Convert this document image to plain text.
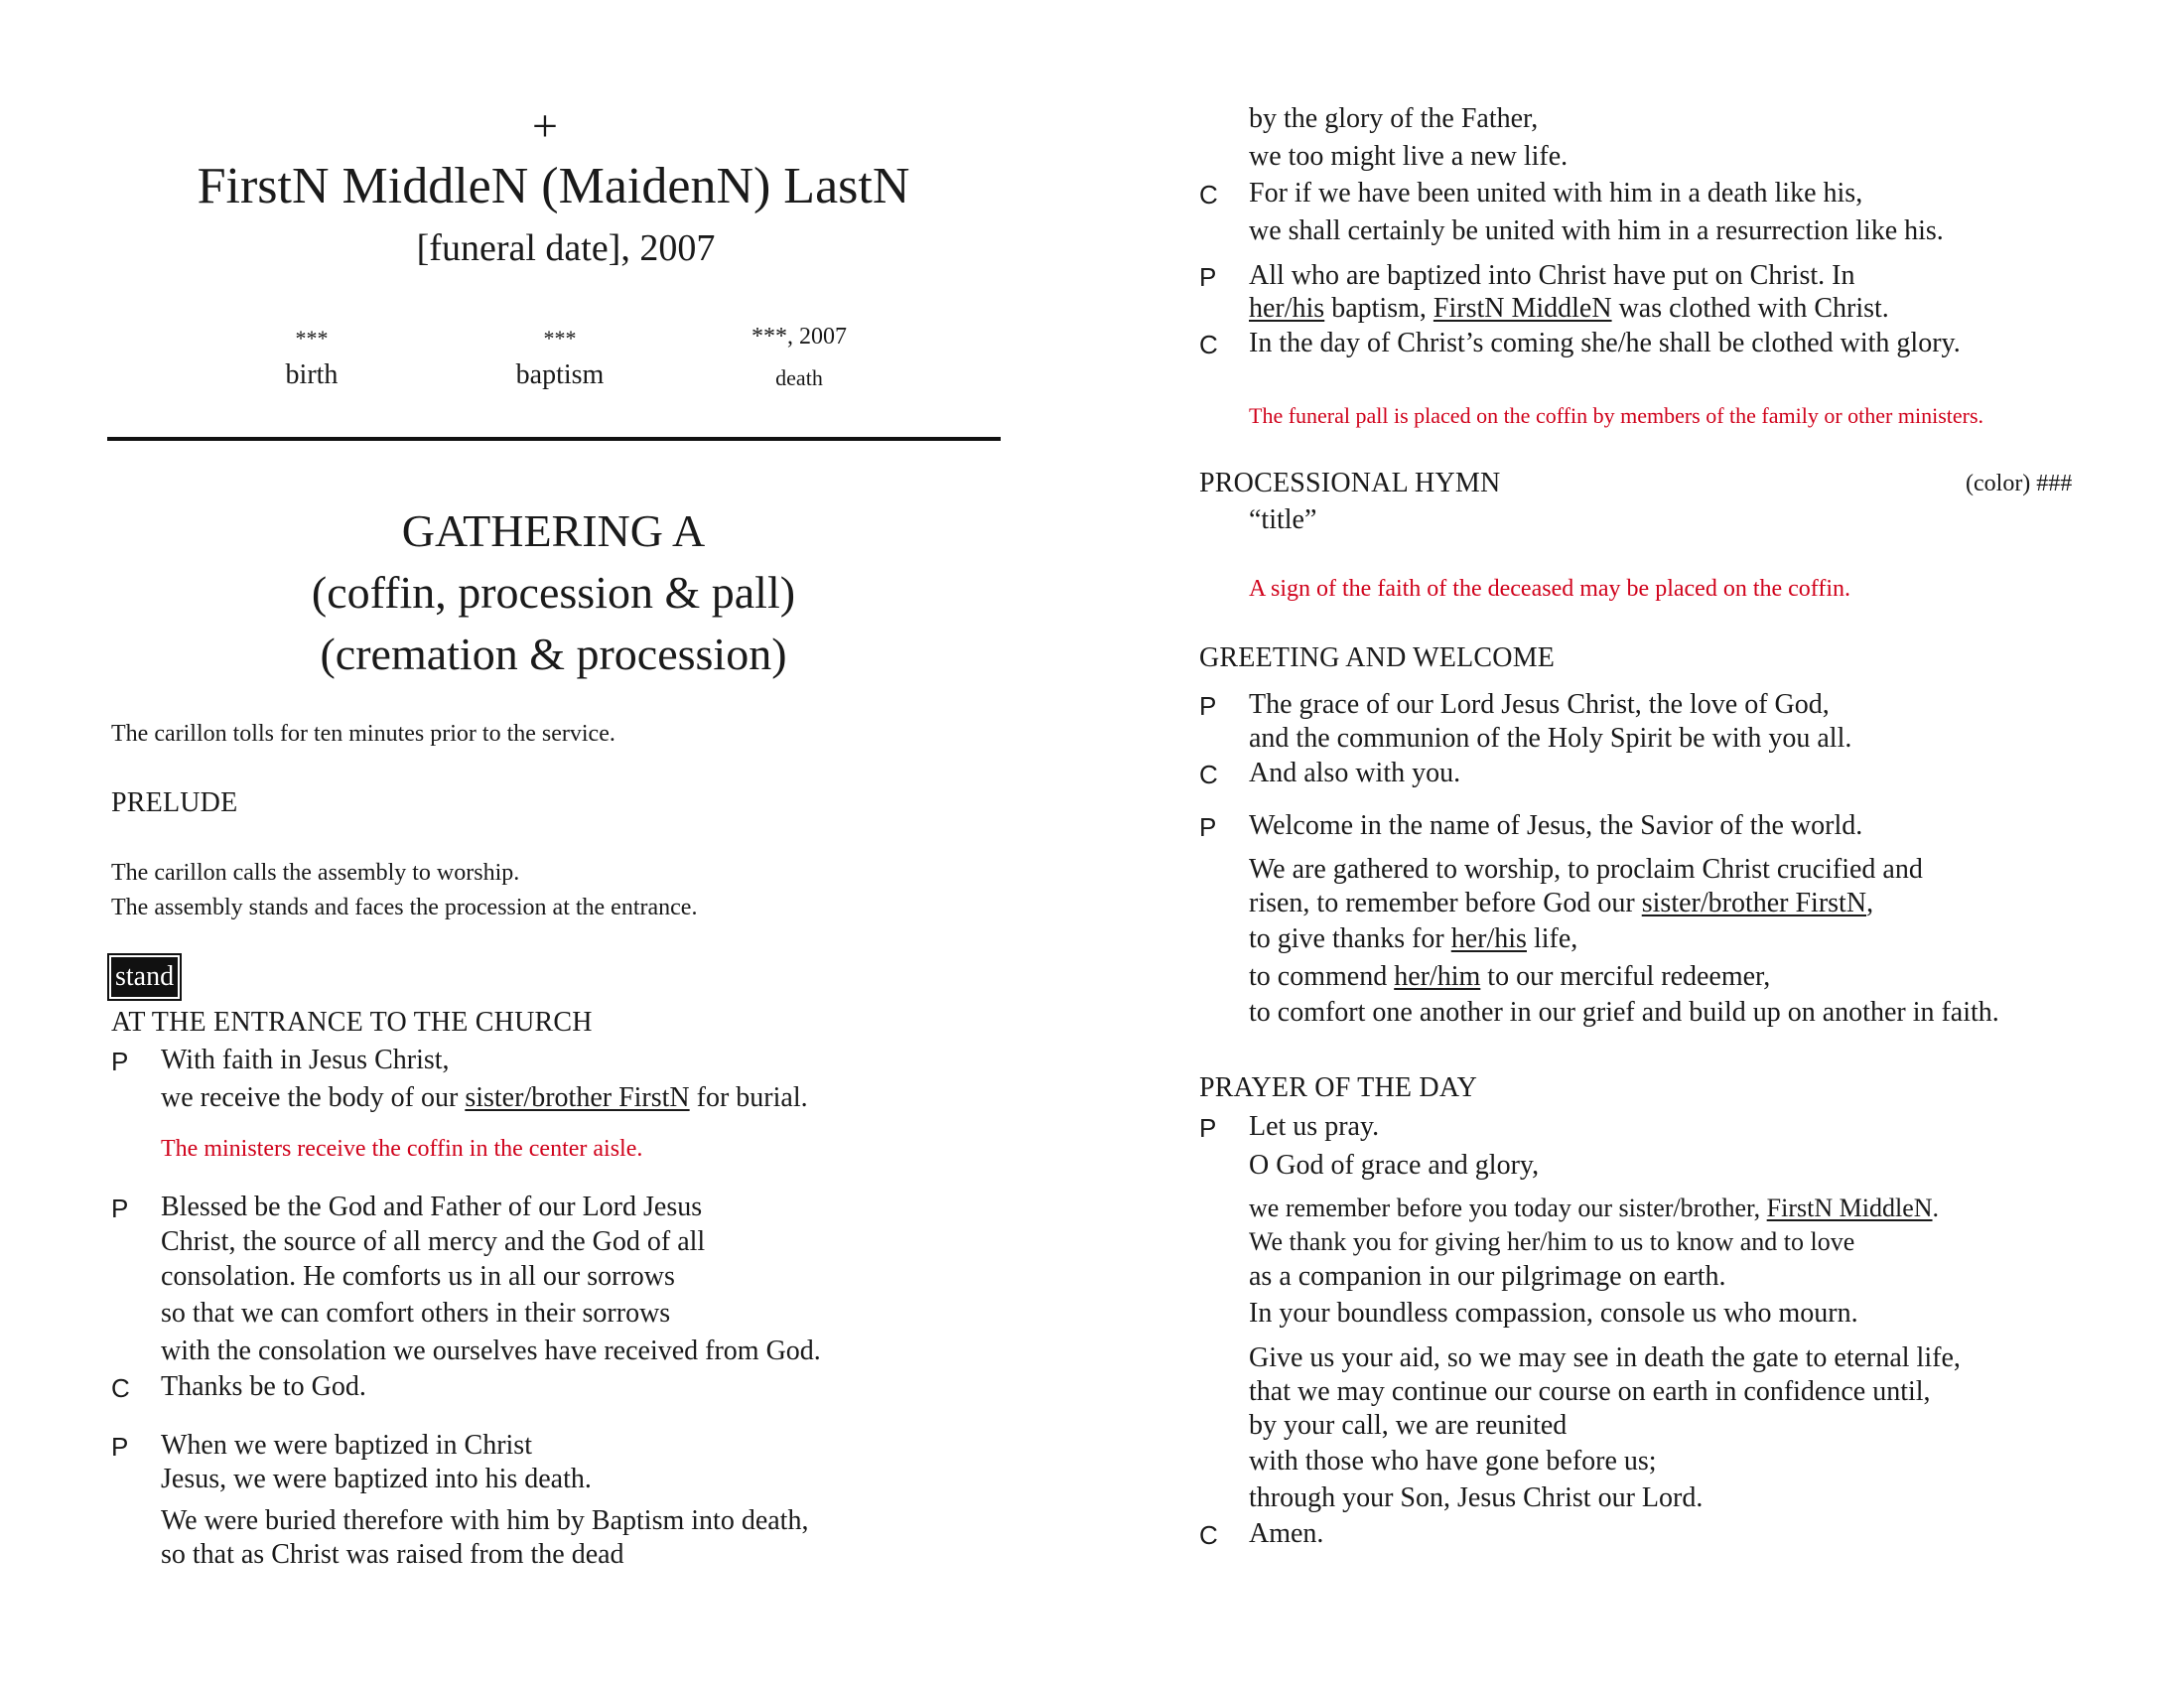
+
FirstN MiddleN (MaidenN) LastN
[funeral date], 2007
***
birth
***
baptism
***, 2007
death
GATHERING A
(coffin, procession & pall)
(cremation & procession)
The carillon tolls for ten minutes prior to the service.
PRELUDE
The carillon calls the assembly to worship.
The assembly stands and faces the procession at the entrance.
stand
AT THE ENTRANCE TO THE CHURCH
P With faith in Jesus Christ,
we receive the body of our sister/brother FirstN for burial.
The ministers receive the coffin in the center aisle.
P Blessed be the God and Father of our Lord Jesus
Christ, the source of all mercy and the God of all
consolation. He comforts us in all our sorrows
so that we can comfort others in their sorrows
with the consolation we ourselves have received from God.
C Thanks be to God.
P When we were baptized in Christ
Jesus, we were baptized into his death.
We were buried therefore with him by Baptism into death,
so that as Christ was raised from the dead
by the glory of the Father,
we too might live a new life.
C For if we have been united with him in a death like his,
we shall certainly be united with him in a resurrection like his.
P All who are baptized into Christ have put on Christ. In
her/his baptism, FirstN MiddleN was clothed with Christ.
C In the day of Christ’s coming she/he shall be clothed with glory.
The funeral pall is placed on the coffin by members of the family or other ministers.
PROCESSIONAL HYMN	(color) ###
“title”
A sign of the faith of the deceased may be placed on the coffin.
GREETING AND WELCOME
P The grace of our Lord Jesus Christ, the love of God,
and the communion of the Holy Spirit be with you all.
C And also with you.
P Welcome in the name of Jesus, the Savior of the world.
We are gathered to worship, to proclaim Christ crucified and
risen, to remember before God our sister/brother FirstN,
to give thanks for her/his life,
to commend her/him to our merciful redeemer,
to comfort one another in our grief and build up on another in faith.
PRAYER OF THE DAY
P Let us pray.
O God of grace and glory,
we remember before you today our sister/brother, FirstN MiddleN.
We thank you for giving her/him to us to know and to love
as a companion in our pilgrimage on earth.
In your boundless compassion, console us who mourn.
Give us your aid, so we may see in death the gate to eternal life,
that we may continue our course on earth in confidence until,
by your call, we are reunited
with those who have gone before us;
through your Son, Jesus Christ our Lord.
C Amen.
